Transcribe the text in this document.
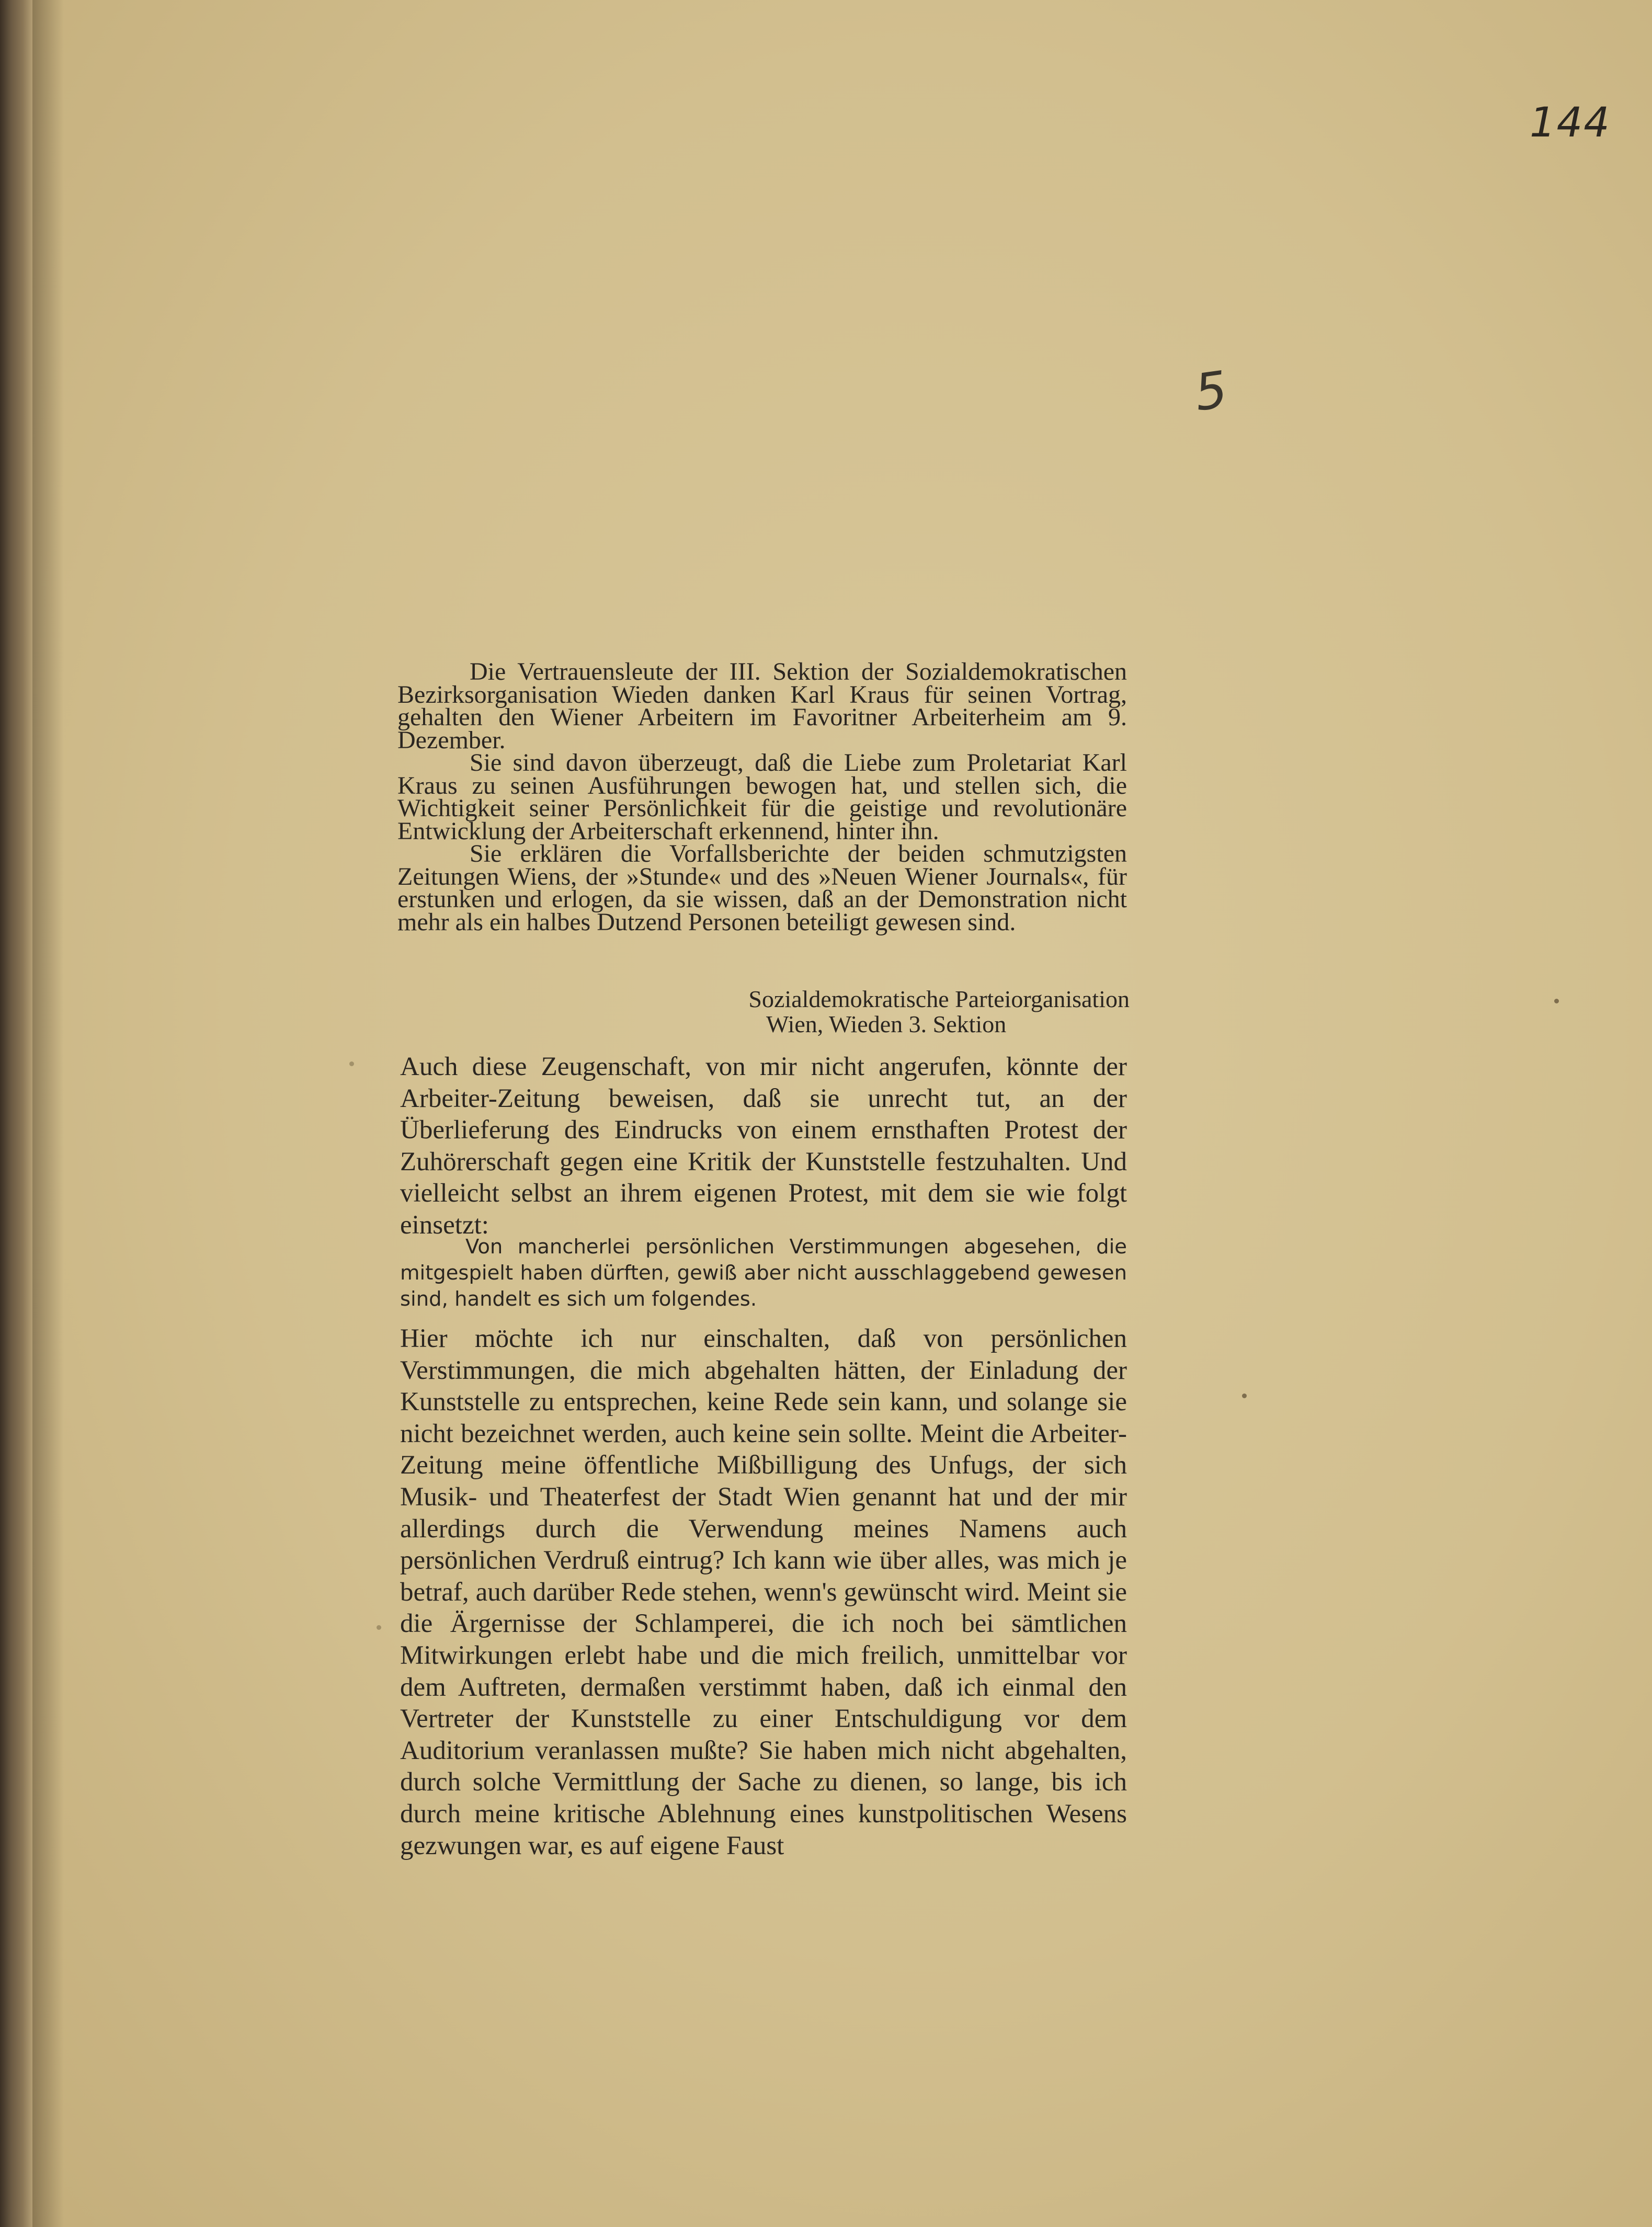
144
5

Die Vertrauensleute der III. Sektion der Sozialdemokratischen Bezirksorganisation Wieden danken Karl Kraus für seinen Vortrag, gehalten den Wiener Arbeitern im Favoritner Arbeiterheim am 9. Dezember.

Sie sind davon überzeugt, daß die Liebe zum Proletariat Karl Kraus zu seinen Ausführungen bewogen hat, und stellen sich, die Wichtigkeit seiner Persönlichkeit für die geistige und revolutionäre Entwicklung der Arbeiterschaft erkennend, hinter ihn.

Sie erklären die Vorfallsberichte der beiden schmutzigsten Zeitungen Wiens, der »Stunde« und des »Neuen Wiener Journals«, für erstunken und erlogen, da sie wissen, daß an der Demonstration nicht mehr als ein halbes Dutzend Personen beteiligt gewesen sind.

Sozialdemokratische Parteiorganisation
Wien, Wieden 3. Sektion

Auch diese Zeugenschaft, von mir nicht angerufen, könnte der Arbeiter-Zeitung beweisen, daß sie unrecht tut, an der Überlieferung des Eindrucks von einem ernsthaften Protest der Zuhörerschaft gegen eine Kritik der Kunststelle festzuhalten. Und vielleicht selbst an ihrem eigenen Protest, mit dem sie wie folgt einsetzt:

Von mancherlei persönlichen Verstimmungen abgesehen, die mitgespielt haben dürften, gewiß aber nicht ausschlaggebend gewesen sind, handelt es sich um folgendes.

Hier möchte ich nur einschalten, daß von persönlichen Verstimmungen, die mich abgehalten hätten, der Einladung der Kunststelle zu entsprechen, keine Rede sein kann, und solange sie nicht bezeichnet werden, auch keine sein sollte. Meint die Arbeiter-Zeitung meine öffentliche Mißbilligung des Unfugs, der sich Musik- und Theaterfest der Stadt Wien genannt hat und der mir allerdings durch die Verwendung meines Namens auch persönlichen Verdruß eintrug? Ich kann wie über alles, was mich je betraf, auch darüber Rede stehen, wenn's gewünscht wird. Meint sie die Ärgernisse der Schlamperei, die ich noch bei sämtlichen Mitwirkungen erlebt habe und die mich freilich, unmittelbar vor dem Auftreten, dermaßen verstimmt haben, daß ich einmal den Vertreter der Kunststelle zu einer Entschuldigung vor dem Auditorium veranlassen mußte? Sie haben mich nicht abgehalten, durch solche Vermittlung der Sache zu dienen, so lange, bis ich durch meine kritische Ablehnung eines kunstpolitischen Wesens gezwungen war, es auf eigene Faust
